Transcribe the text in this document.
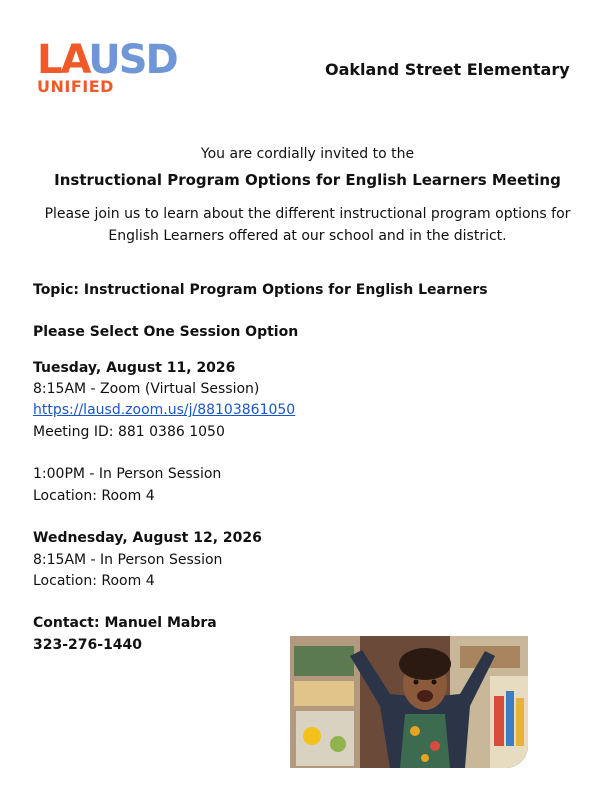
LAUSD
UNIFIED
Oakland Street Elementary
You are cordially invited to the
Instructional Program Options for English Learners Meeting
Please join us to learn about the different instructional program options for English Learners offered at our school and in the district.
Topic: Instructional Program Options for English Learners
Please Select One Session Option
Tuesday, August 11, 2026
8:15AM - Zoom (Virtual Session)
https://lausd.zoom.us/j/88103861050
Meeting ID: 881 0386 1050
1:00PM - In Person Session
Location: Room 4
Wednesday, August 12, 2026
8:15AM - In Person Session
Location: Room 4
Contact: Manuel Mabra
323-276-1440
